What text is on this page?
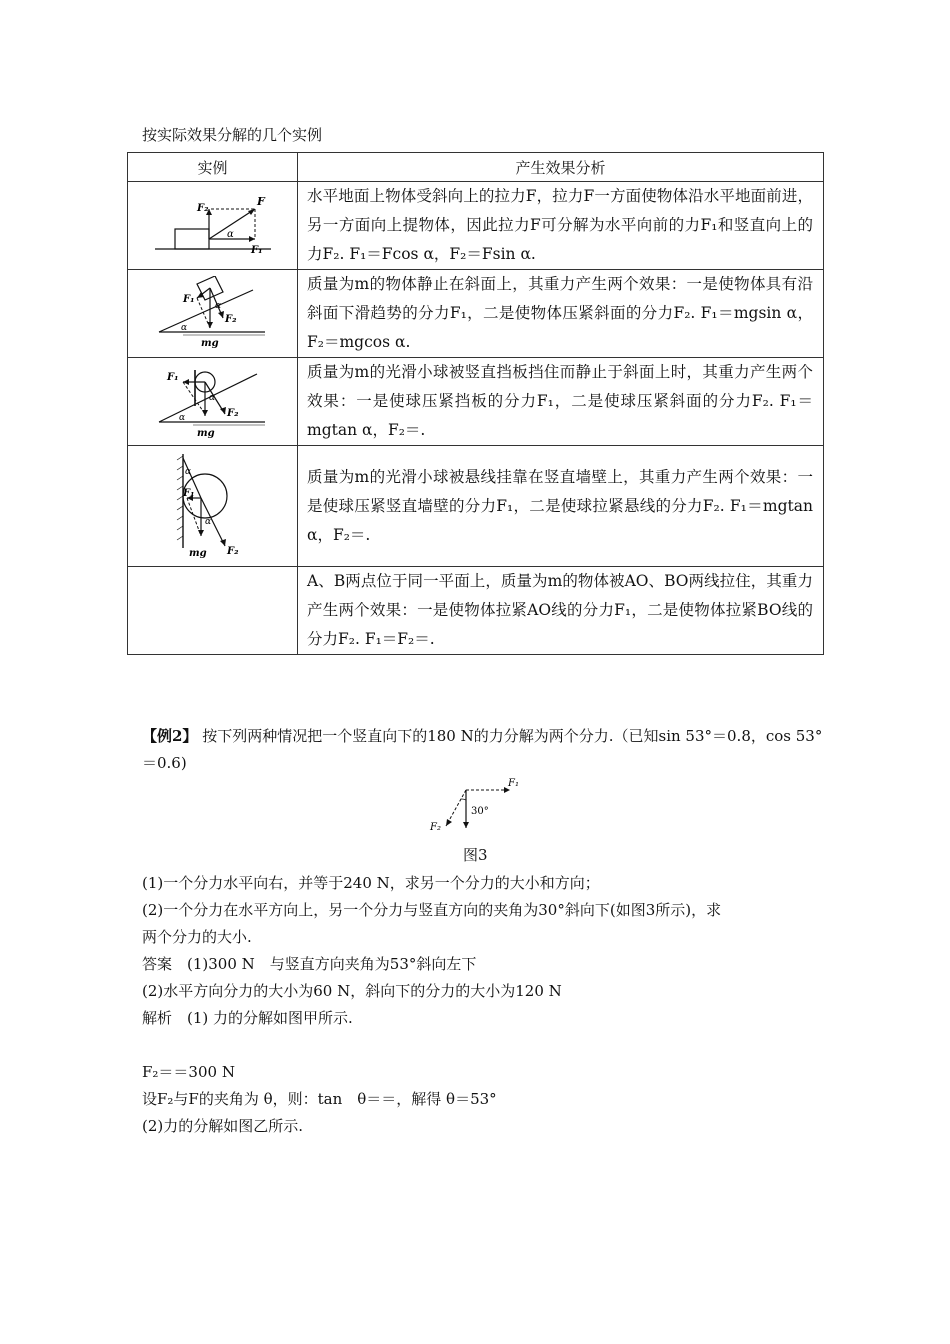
按实际效果分解的几个实例
实例	产生效果分析

F
F₂
F₁
α	水平地面上物体受斜向上的拉力F，拉力F一方面使物体沿水平地面前进，另一方面向上提物体，因此拉力F可分解为水平向前的力F₁和竖直向上的力F₂. F₁＝Fcos α，F₂＝Fsin α.

F₁
F₂
α
α
mg	质量为m的物体静止在斜面上，其重力产生两个效果：一是使物体具有沿斜面下滑趋势的分力F₁，二是使物体压紧斜面的分力F₂. F₁＝mgsin α，F₂＝mgcos α.

F₁
F₂
α
α
mg	质量为m的光滑小球被竖直挡板挡住而静止于斜面上时，其重力产生两个效果：一是使球压紧挡板的分力F₁，二是使球压紧斜面的分力F₂. F₁＝mgtan α，F₂＝.

F₁
F₂
α
α
mg	质量为m的光滑小球被悬线挂靠在竖直墙壁上，其重力产生两个效果：一是使球压紧竖直墙壁的分力F₁，二是使球拉紧悬线的分力F₂. F₁＝mgtan α，F₂＝.
	A、B两点位于同一平面上，质量为m的物体被AO、BO两线拉住，其重力产生两个效果：一是使物体拉紧AO线的分力F₁，二是使物体拉紧BO线的分力F₂. F₁＝F₂＝.
【例2】 按下列两种情况把一个竖直向下的180 N的力分解为两个分力.（已知sin 53°＝0.8，cos 53°＝0.6)
F₁
F₂
30°
图3
(1)一个分力水平向右，并等于240 N，求另一个分力的大小和方向；
(2)一个分力在水平方向上，另一个分力与竖直方向的夹角为30°斜向下(如图3所示)，求
两个分力的大小.
答案　(1)300 N　与竖直方向夹角为53°斜向左下
(2)水平方向分力的大小为60 N，斜向下的分力的大小为120 N
解析　(1) 力的分解如图甲所示.
F₂＝＝300 N
设F₂与F的夹角为 θ，则：tan　θ＝＝，解得 θ＝53°
(2)力的分解如图乙所示.
